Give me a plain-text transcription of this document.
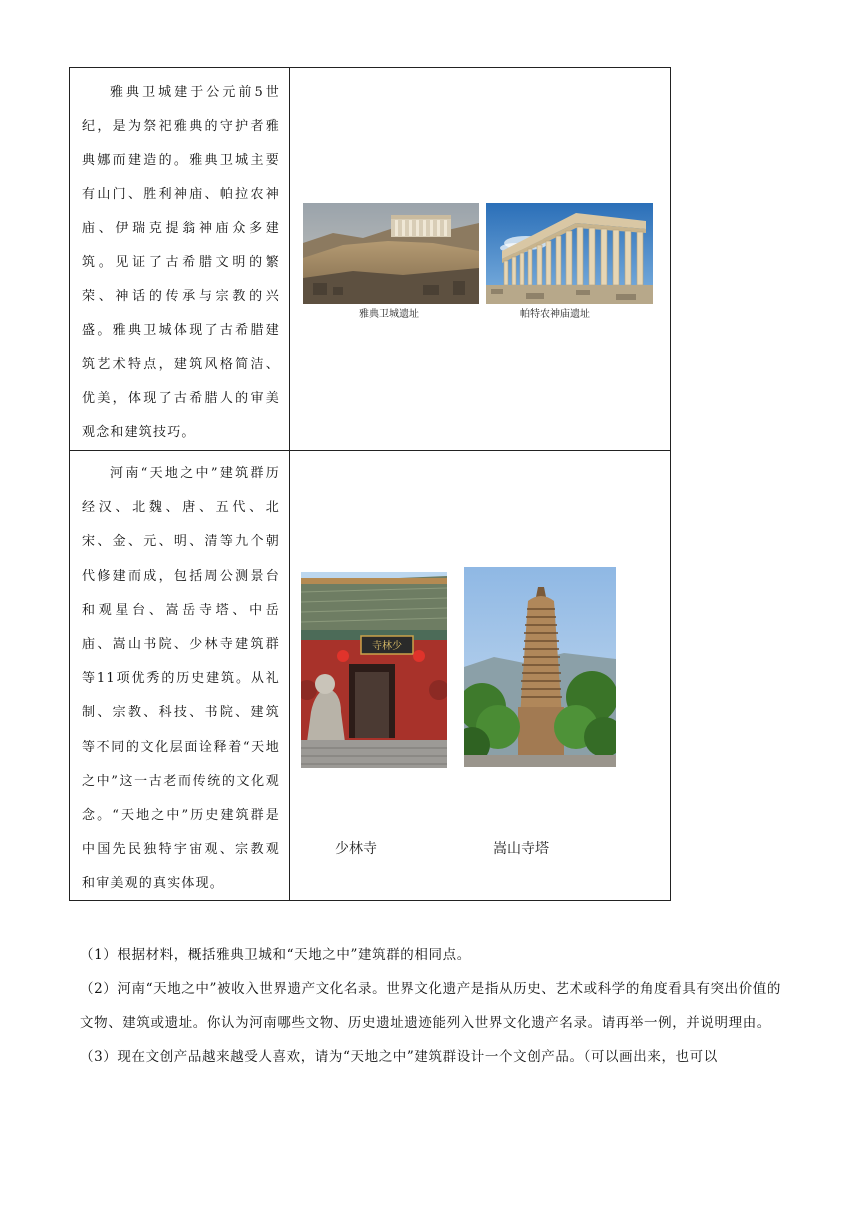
雅典卫城建于公元前5世纪，是为祭祀雅典的守护者雅典娜而建造的。雅典卫城主要有山门、胜利神庙、帕拉农神庙、伊瑞克提翁神庙众多建筑。见证了古希腊文明的繁荣、神话的传承与宗教的兴盛。雅典卫城体现了古希腊建筑艺术特点，建筑风格简洁、优美，体现了古希腊人的审美观念和建筑技巧。
雅典卫城遗址	帕特农神庙遗址
河南“天地之中”建筑群历经汉、北魏、唐、五代、北宋、金、元、明、清等九个朝代修建而成，包括周公测景台和观星台、嵩岳寺塔、中岳庙、嵩山书院、少林寺建筑群等11项优秀的历史建筑。从礼制、宗教、科技、书院、建筑等不同的文化层面诠释着“天地之中”这一古老而传统的文化观念。“天地之中”历史建筑群是中国先民独特宇宙观、宗教观和审美观的真实体现。
寺林少
少林寺	嵩山寺塔

（1）根据材料，概括雅典卫城和“天地之中”建筑群的相同点。

（2）河南“天地之中”被收入世界遗产文化名录。世界文化遗产是指从历史、艺术或科学的角度看具有突出价值的文物、建筑或遗址。你认为河南哪些文物、历史遗址遗迹能列入世界文化遗产名录。请再举一例，并说明理由。

（3）现在文创产品越来越受人喜欢，请为“天地之中”建筑群设计一个文创产品。（可以画出来，也可以
